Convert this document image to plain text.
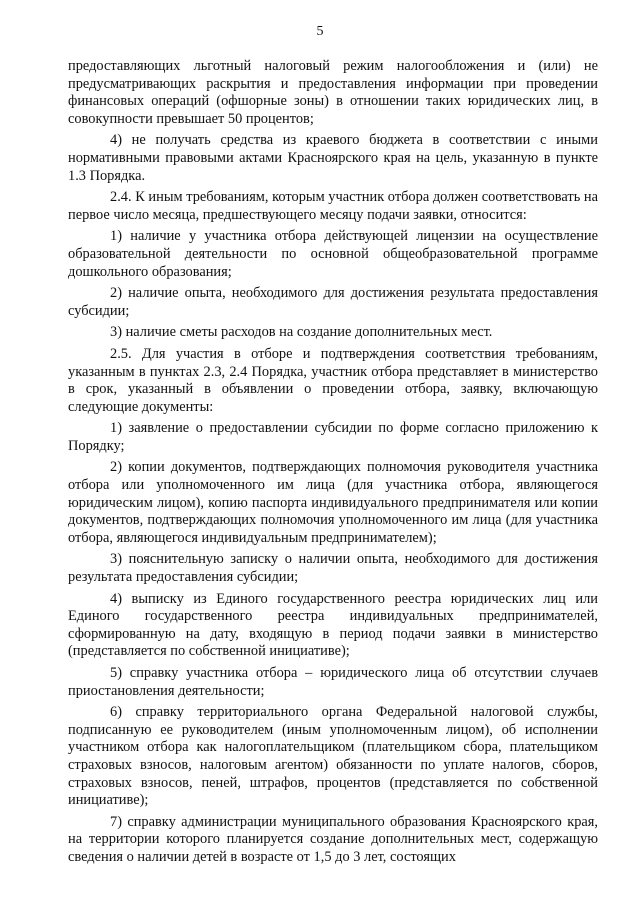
5

предоставляющих льготный налоговый режим налогообложения и (или) не предусматривающих раскрытия и предоставления информации при проведении финансовых операций (офшорные зоны) в отношении таких юридических лиц, в совокупности превышает 50 процентов;

4) не получать средства из краевого бюджета в соответствии с иными нормативными правовыми актами Красноярского края на цель, указанную в пункте 1.3 Порядка.

2.4. К иным требованиям, которым участник отбора должен соответствовать на первое число месяца, предшествующего месяцу подачи заявки, относится:

1) наличие у участника отбора действующей лицензии на осуществление образовательной деятельности по основной общеобразовательной программе дошкольного образования;

2) наличие опыта, необходимого для достижения результата предоставления субсидии;

3) наличие сметы расходов на создание дополнительных мест.

2.5. Для участия в отборе и подтверждения соответствия требованиям, указанным в пунктах 2.3, 2.4 Порядка, участник отбора представляет в министерство в срок, указанный в объявлении о проведении отбора, заявку, включающую следующие документы:

1) заявление о предоставлении субсидии по форме согласно приложению к Порядку;

2) копии документов, подтверждающих полномочия руководителя участника отбора или уполномоченного им лица (для участника отбора, являющегося юридическим лицом), копию паспорта индивидуального предпринимателя или копии документов, подтверждающих полномочия уполномоченного им лица (для участника отбора, являющегося индивидуальным предпринимателем);

3) пояснительную записку о наличии опыта, необходимого для достижения результата предоставления субсидии;

4) выписку из Единого государственного реестра юридических лиц или Единого государственного реестра индивидуальных предпринимателей, сформированную на дату, входящую в период подачи заявки в министерство (представляется по собственной инициативе);

5) справку участника отбора – юридического лица об отсутствии случаев приостановления деятельности;

6) справку территориального органа Федеральной налоговой службы, подписанную ее руководителем (иным уполномоченным лицом), об исполнении участником отбора как налогоплательщиком (плательщиком сбора, плательщиком страховых взносов, налоговым агентом) обязанности по уплате налогов, сборов, страховых взносов, пеней, штрафов, процентов (представляется по собственной инициативе);

7) справку администрации муниципального образования Красноярского края, на территории которого планируется создание дополнительных мест, содержащую сведения о наличии детей в возрасте от 1,5 до 3 лет, состоящих
